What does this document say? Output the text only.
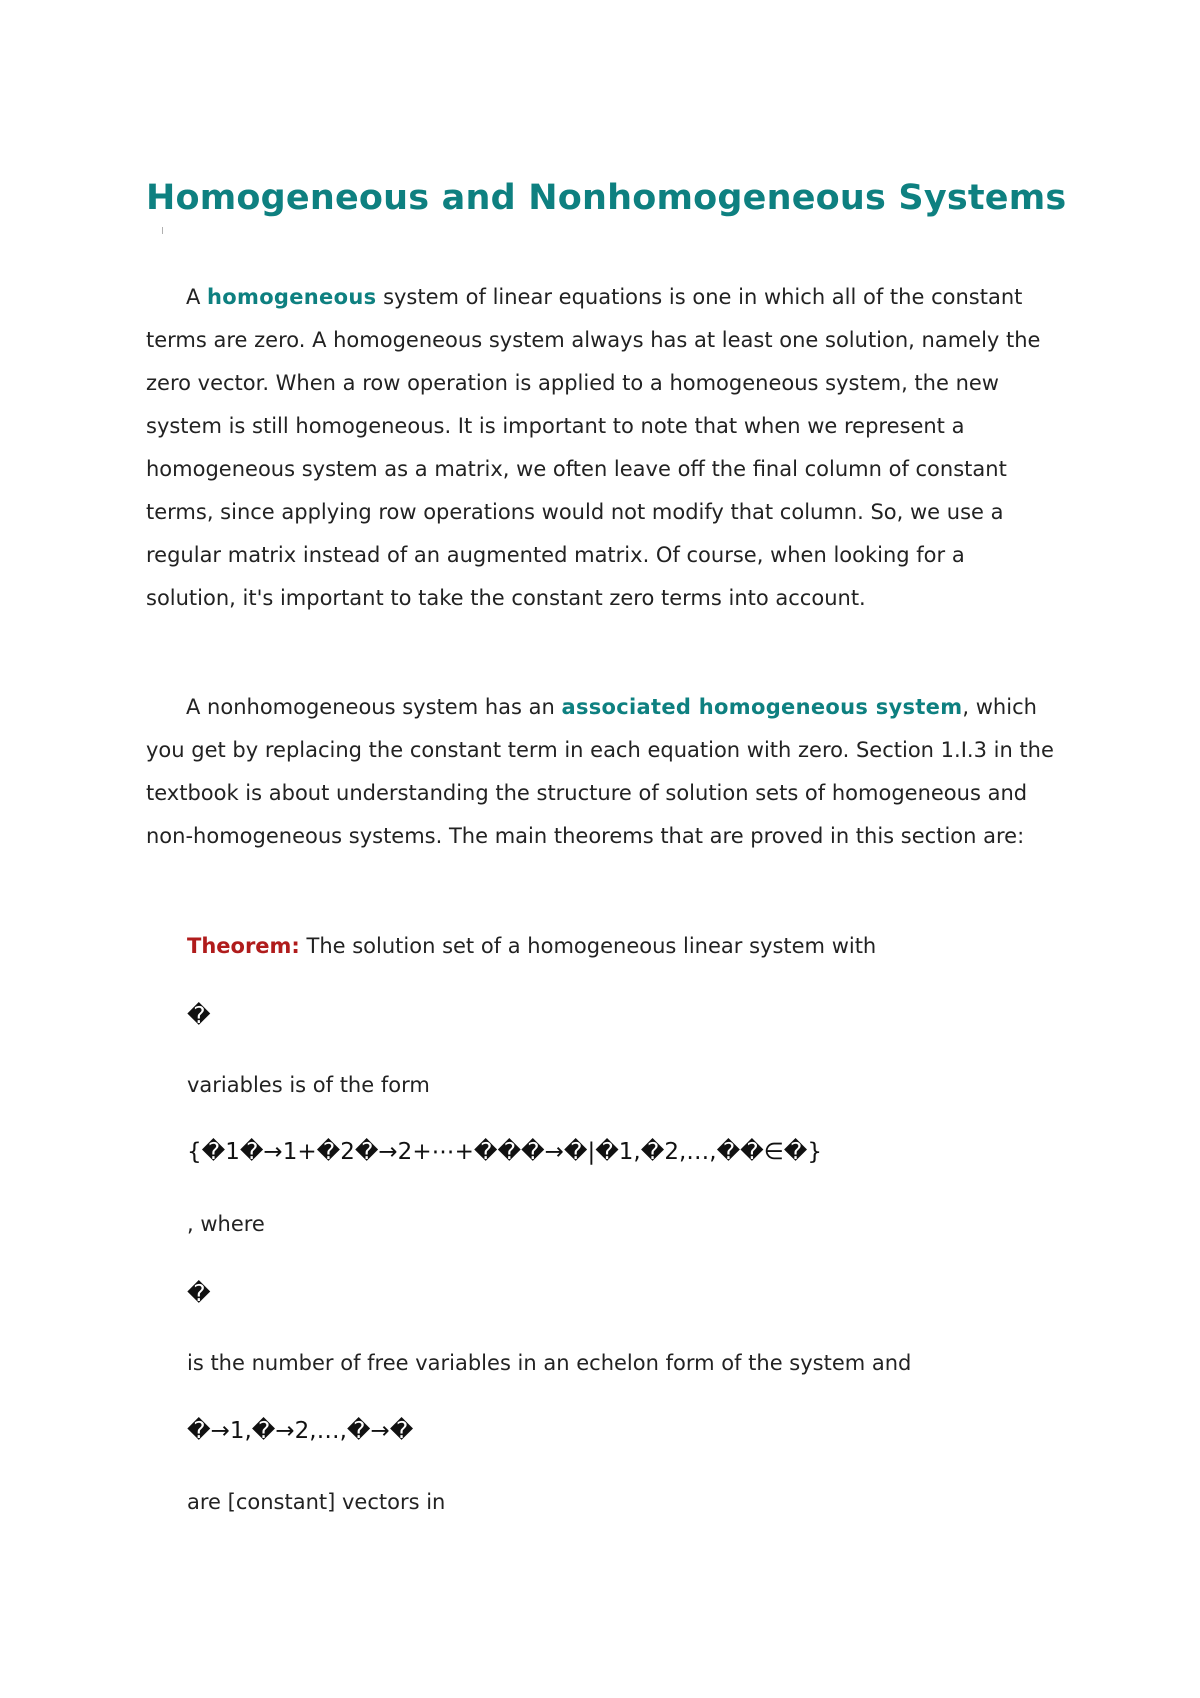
Homogeneous and Nonhomogeneous Systems

A homogeneous system of linear equations is one in which all of the constant terms are zero. A homogeneous system always has at least one solution, namely the zero vector. When a row operation is applied to a homogeneous system, the new system is still homogeneous. It is important to note that when we represent a homogeneous system as a matrix, we often leave off the final column of constant terms, since applying row operations would not modify that column. So, we use a regular matrix instead of an augmented matrix. Of course, when looking for a solution, it's important to take the constant zero terms into account.

A nonhomogeneous system has an associated homogeneous system, which you get by replacing the constant term in each equation with zero. Section 1.I.3 in the textbook is about understanding the structure of solution sets of homogeneous and non-homogeneous systems. The main theorems that are proved in this section are:

Theorem: The solution set of a homogeneous linear system with

�

variables is of the form

{�1�→1+�2�→2+⋯+���→�|�1,�2,…,��∈�}

, where

�

is the number of free variables in an echelon form of the system and

�→1,�→2,…,�→�

are [constant] vectors in
